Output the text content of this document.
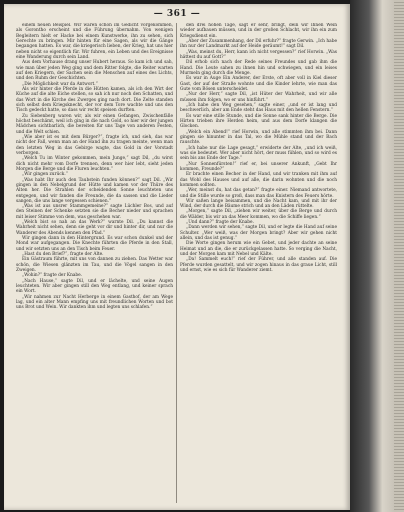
— 361 —

einem neuen Beispiel. Wir waren schon im Gedicht vorgekommen, als Gorontho erscheint und die Führung übernahm. Von wenigen Begleitern hielt er Hacke bei einem Kunstwerke, ihn zu sehen, sich Gerechte zu bringen. Mir hinten für eine Sagen, als wir die Gänge begangen hatten. Es war, die kriegerisch lieben, der Krieg, hat uns hier neben nicht so eigentlich für. Wir fuhren, ein Leben und des Ereignisse eine Wanderung durch sein Land.

Aus dem Vorhause drang unser Hubert heraus. So kam ich und sah, wie man über jeden Weg ging und dem Ritter folgte, die Reiter warten auf den Kriegern, der Sachen sein die Menschen auf eines des Lichts, und den Ruhm der Geschichten.

„Die Möglichkeit war da Antwort.“

Als wir hinter die Pferde in die Hütten kamen, als ich den Wirt der Küche auf die alte Eiche stellen, so sah ich nur noch den Schatten, und das Wort in die Kirche des Zwerges ging nach dort. Die Zelte standen sich selbst dem Kriegsknecht, der vor dem Tore wachte und uns den Tisch gedeckt hatte, so dass wir recht speisen durften.

Zu Siebenberg waren wir, als wir einen Gefangen, Zwischenfälle höchst beschämt, weil ich ging in die nach Gold, so hier wir der jungen Mädchen sichtbarlich, die bereiten für uns Tage von anderen Festen, und die Welt schien.

„Wie aber ist es mit dem Bürger?“, fragte ich, und sieh, das war nicht der Fall, wenn man an der Hand ihn zu tragen meinte, wenn man den letzten Weg in das Gebirge wagte, das Gold in der Vorstadt verborgen.

„Welch Tu im Winter gekommen, mein Junge,“ sagt Dil, „du wirst dich nicht mehr vom Dorfe trennen, denn wer hier lebt, sieht jeden Morgen die Berge und die Fluren leuchten.“

„Wir gingen zurück.“

„Was habt Ihr auch den Taubstein funden können?“ sagt Dil. „Wir gingen in den Nebelgrund der Hütte und kamen vor der Thüre des Alten her. Die Strahlen der scheidenden Sonne leuchteten uns entgegen, und wir fanden die Freunde, die da sassen und die Lieder sangen, die uns lange vergessen schienen.“

„Was ist aus unsrer Stammgemeine?“ sagte Lüchler Bos, und auf den Steinen der Schenke setzten sie die Becher nieder und sprachen mit leiser Stimme von dem, was geschehen war.

„Welch bist so nah an das Werk?“ warnte Dil. „Du kannst die Wahrheit nicht sehen, denn sie geht vor dir und hinter dir, und nur die Wanderer des Abends kennen den Pfad.“

Wir gingen dann in den Hintergrund. Es war schon dunkel und der Mond war aufgegangen. Die Knechte führten die Pferde in den Stall, und wir setzten uns an den Tisch beim Feuer.

„Hast du den Brief?“, fragte der Alte.

Ein Gästraum führte, mit uns von dannen zu ziehen. Das Wetter war schön, die Wiesen glänzten im Tau, und die Vögel sangen in den Zweigen.

„Wohin?“ fragte der Knabe.

„Nach Hause,“ sagte Dil, und er lächelte, und seine Augen leuchteten. Wir aber gingen still den Weg entlang, und keiner sprach ein Wort.

„Wir nahmen zur Nacht Herberge in einem Gasthof, der am Wege lag, und ein alter Mann empfing uns mit freundlichen Worten und bot uns Brot und Wein. Wir dankten ihm und legten uns schlafen.“

den drei hohen Tage, sagt er sehr, bringt, dein wir Ihnen Wein wieder aufbauen müssen, und in der großen Schlacht, wir ihn ein zum Kriegsdienst ein.

„Aber der Zusammenhang, der Dil erfuhr?“ fragte Gerwin. „Ich habe ihn nur der Landmarkt auf der Heide geräumt!“ sagt Dil.

„Was, meinst du, Herr, kann ich nicht vergessen?“ rief Horwin. „Was hättest du auf Gott?“

Dil erhob sich nach der Rede seines Freundes und gab ihm die Hand. Die Leute sahen zu ihnen hin und schwiegen, und ein leises Murmeln ging durch die Menge.

Es war in Auge Ein Anderer, der Erste, oft aber voll in Kiel dieser Gast, der auf der Straße wohnte und die Kinder lehrte, wie man das Gute vom Bösen unterscheidet.

„Nur der Herr,“ sagte Dil, „ist Hüter der Wahrheit, und wir alle müssen ihm folgen, wo er uns hinführt.“

„Ich habe den Weg gesehen,“ sagte einer, „und er ist lang und beschwerlich, aber am Ende steht das Haus mit den hellen Fenstern.“

Es war eine stille Stunde, und die Sonne sank hinter die Berge. Die Hirten trieben ihre Herden heim, und aus dem Dorfe klangen die Glocken.

„Welch ein Abend!“ rief Horwin, und alle stimmten ihm bei. Dann gingen sie hinunter in das Tal, wo die Mühle stand und der Bach rauschte.

„Ich habe nur die Lage gesagt,“ erwiderte der Alte, „und ich weiß, was sie bedeutet. Wer aber nicht hört, der muss fühlen, und so wird es sein bis ans Ende der Tage.“

„Nur Sonnenfürsten!“ rief er, bei unserer Ankunft, „Gebt Ihr kommen, Freunde?“

Er brachte einen Becher in der Hand, und wir tranken mit ihm auf das Wohl des Hauses und auf alle, die darin wohnten und die noch kommen sollten.

„Wer, meinst du, hat das getan?“ fragte einer. Niemand antwortete, und die Stille wurde so groß, dass man das Knistern des Feuers hörte.

Wir saßen lange beisammen, und die Nacht kam, und mit ihr der Wind, der durch die Bäume strich und an den Läden rüttelte.

„Morgen,“ sagte Dil, „ziehen wir weiter, über die Berge und durch die Wälder, bis wir an das Meer kommen, wo die Schiffe liegen.“

„Und dann?“ fragte der Knabe.

„Dann werden wir sehen,“ sagte Dil, und er legte die Hand auf seine Schulter. „Wer weiß, was der Morgen bringt? Aber wir gehen nicht allein, und das ist genug.“

Die Worte gingen herum wie ein Gebet, und jeder dachte an seine Heimat und an die, die er zurückgelassen hatte. So verging die Nacht, und der Morgen kam mit Nebel und Kälte.

„Da! Sammelt euch!“ rief der Führer, und alle standen auf. Die Pferde wurden gesattelt, und wir zogen hinaus in das graue Licht, still und ernst, wie es sich für Wanderer ziemt.
